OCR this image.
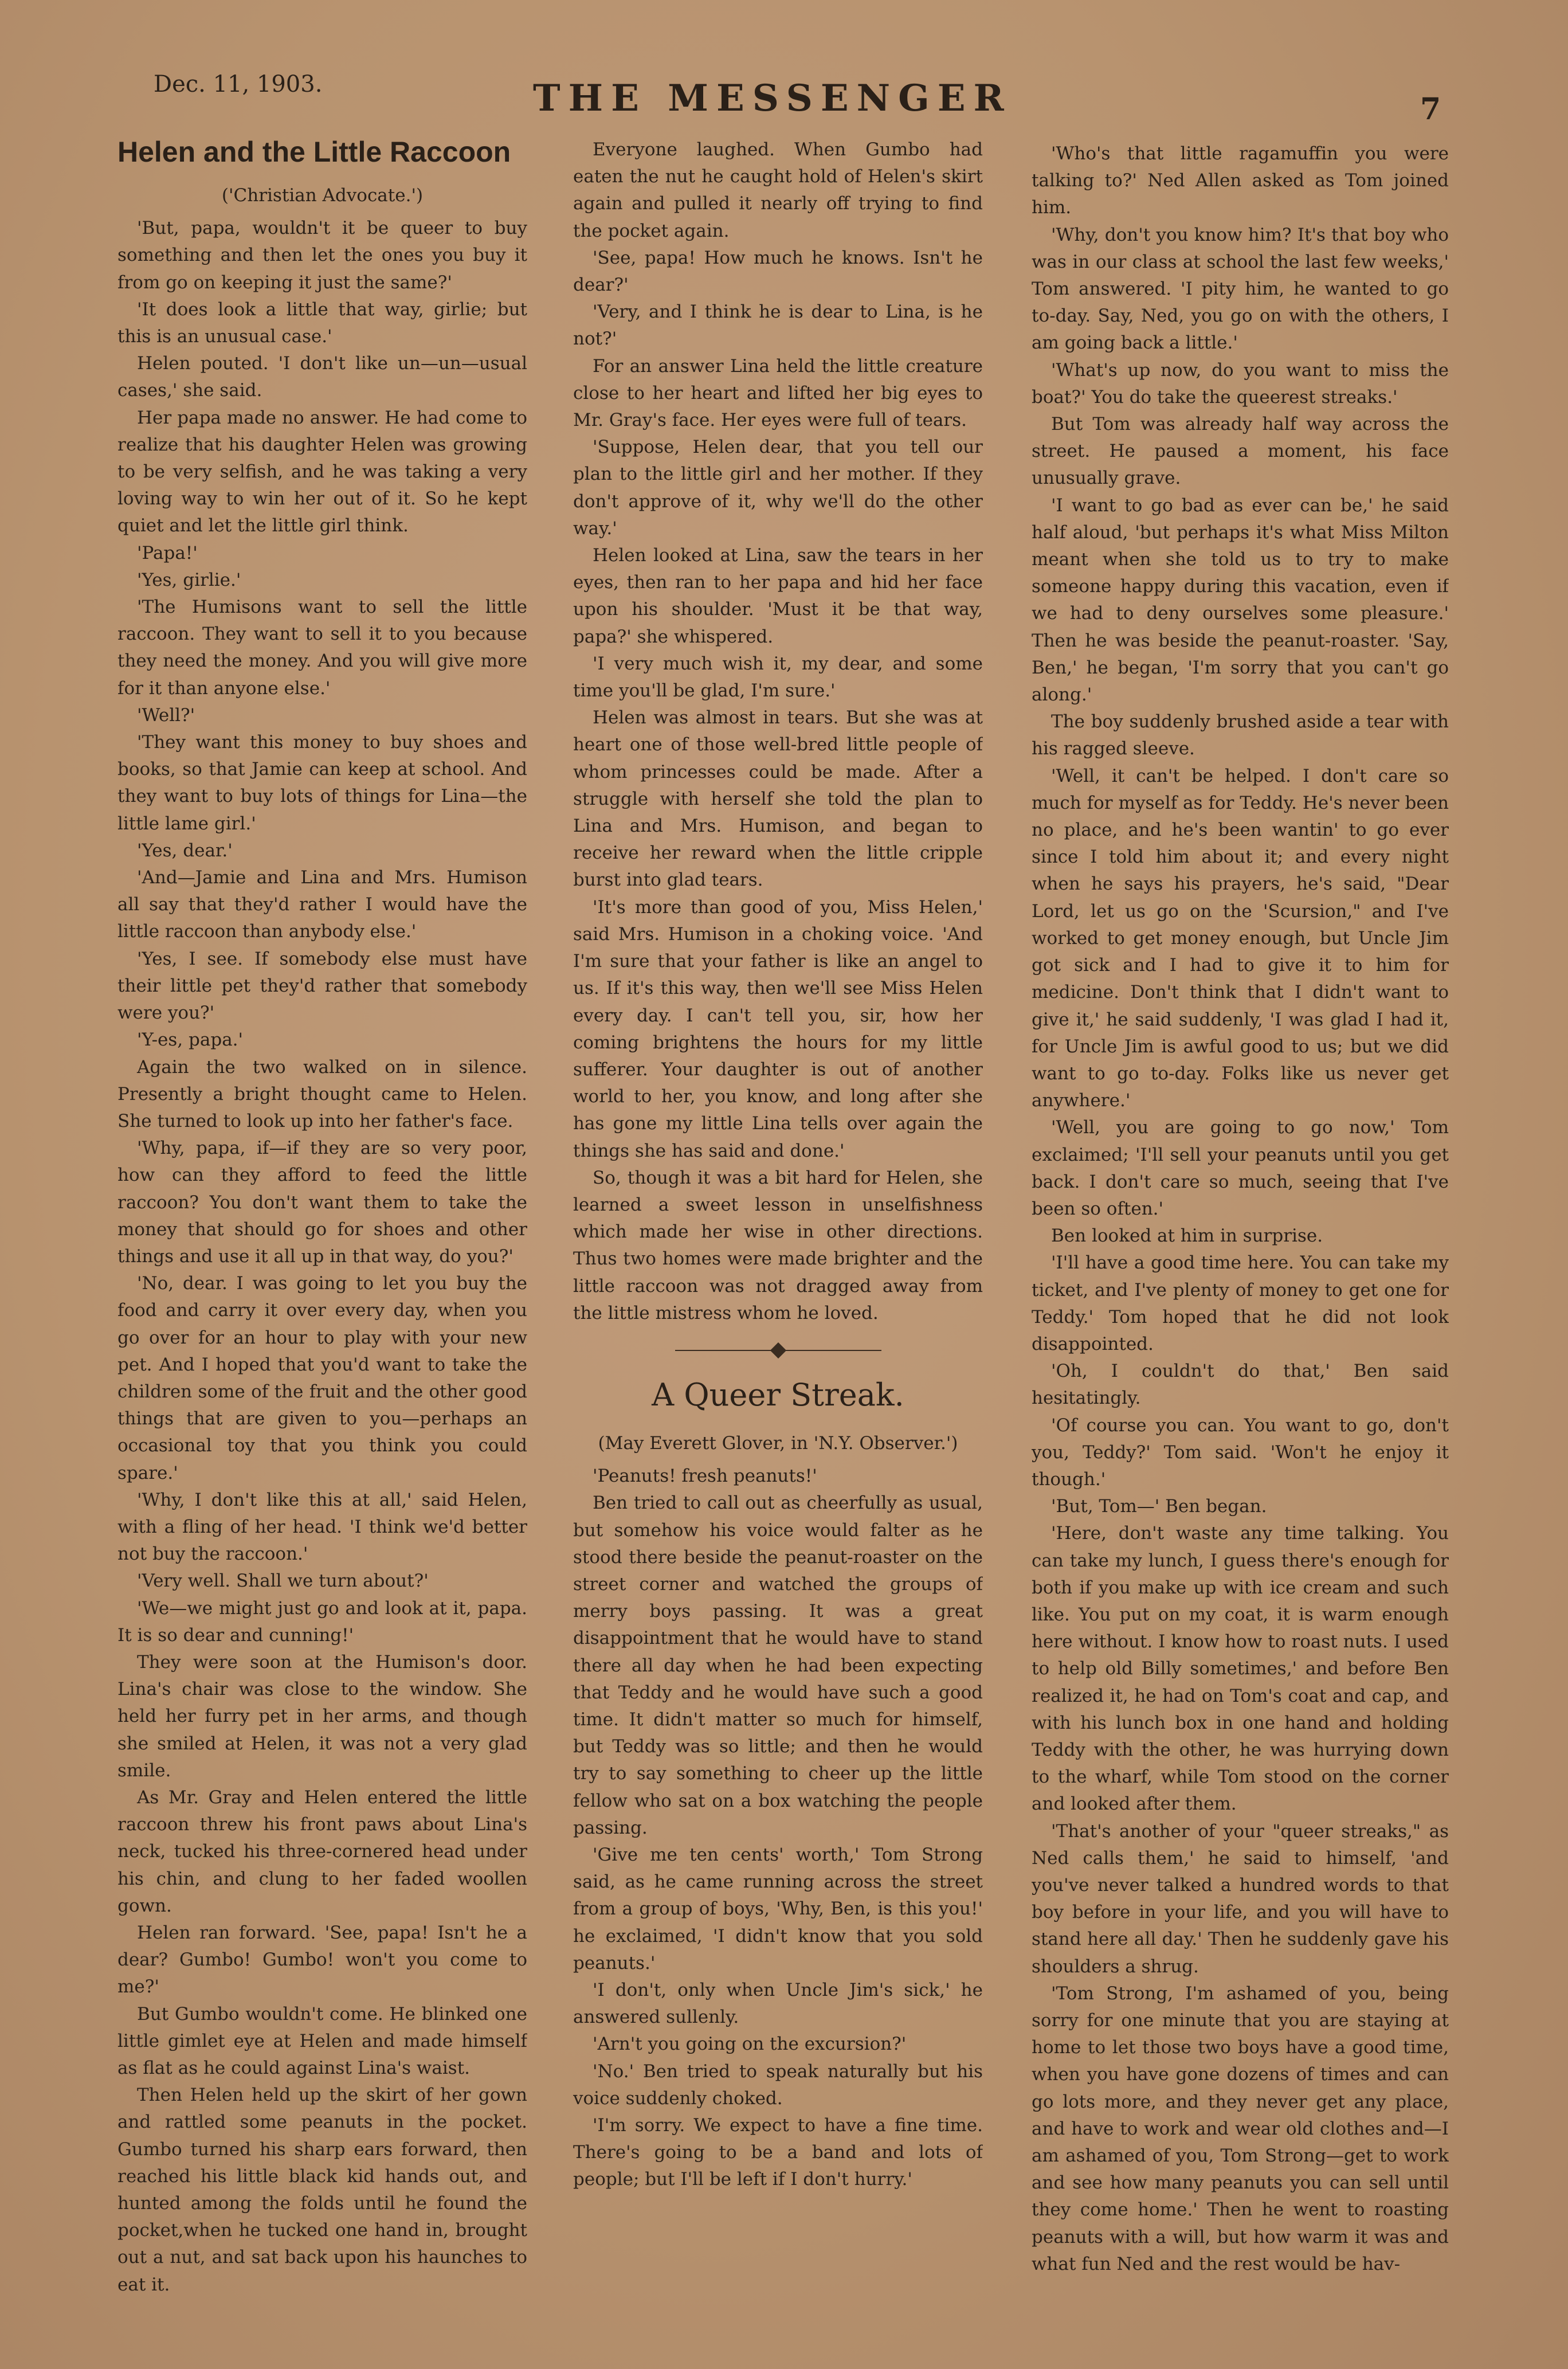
Dec. 11, 1903.	THE MESSENGER	7
Helen and the Little Raccoon

('Christian Advocate.')

'But, papa, wouldn't it be queer to buy something and then let the ones you buy it from go on keeping it just the same?'

'It does look a little that way, girlie; but this is an unusual case.'

Helen pouted. 'I don't like un—un—usual cases,' she said.

Her papa made no answer. He had come to realize that his daughter Helen was growing to be very selfish, and he was taking a very loving way to win her out of it. So he kept quiet and let the little girl think.

'Papa!'

'Yes, girlie.'

'The Humisons want to sell the little raccoon. They want to sell it to you because they need the money. And you will give more for it than anyone else.'

'Well?'

'They want this money to buy shoes and books, so that Jamie can keep at school. And they want to buy lots of things for Lina—the little lame girl.'

'Yes, dear.'

'And—Jamie and Lina and Mrs. Humison all say that they'd rather I would have the little raccoon than anybody else.'

'Yes, I see. If somebody else must have their little pet they'd rather that somebody were you?'

'Y-es, papa.'

Again the two walked on in silence. Presently a bright thought came to Helen. She turned to look up into her father's face.

'Why, papa, if—if they are so very poor, how can they afford to feed the little raccoon? You don't want them to take the money that should go for shoes and other things and use it all up in that way, do you?'

'No, dear. I was going to let you buy the food and carry it over every day, when you go over for an hour to play with your new pet. And I hoped that you'd want to take the children some of the fruit and the other good things that are given to you—perhaps an occasional toy that you think you could spare.'

'Why, I don't like this at all,' said Helen, with a fling of her head. 'I think we'd better not buy the raccoon.'

'Very well. Shall we turn about?'

'We—we might just go and look at it, papa. It is so dear and cunning!'

They were soon at the Humison's door. Lina's chair was close to the window. She held her furry pet in her arms, and though she smiled at Helen, it was not a very glad smile.

As Mr. Gray and Helen entered the little raccoon threw his front paws about Lina's neck, tucked his three-cornered head under his chin, and clung to her faded woollen gown.

Helen ran forward. 'See, papa! Isn't he a dear? Gumbo! Gumbo! won't you come to me?'

But Gumbo wouldn't come. He blinked one little gimlet eye at Helen and made himself as flat as he could against Lina's waist.

Then Helen held up the skirt of her gown and rattled some peanuts in the pocket. Gumbo turned his sharp ears forward, then reached his little black kid hands out, and hunted among the folds until he found the pocket,when he tucked one hand in, brought out a nut, and sat back upon his haunches to eat it.

Everyone laughed. When Gumbo had eaten the nut he caught hold of Helen's skirt again and pulled it nearly off trying to find the pocket again.

'See, papa! How much he knows. Isn't he dear?'

'Very, and I think he is dear to Lina, is he not?'

For an answer Lina held the little creature close to her heart and lifted her big eyes to Mr. Gray's face. Her eyes were full of tears.

'Suppose, Helen dear, that you tell our plan to the little girl and her mother. If they don't approve of it, why we'll do the other way.'

Helen looked at Lina, saw the tears in her eyes, then ran to her papa and hid her face upon his shoulder. 'Must it be that way, papa?' she whispered.

'I very much wish it, my dear, and some time you'll be glad, I'm sure.'

Helen was almost in tears. But she was at heart one of those well-bred little people of whom princesses could be made. After a struggle with herself she told the plan to Lina and Mrs. Humison, and began to receive her reward when the little cripple burst into glad tears.

'It's more than good of you, Miss Helen,' said Mrs. Humison in a choking voice. 'And I'm sure that your father is like an angel to us. If it's this way, then we'll see Miss Helen every day. I can't tell you, sir, how her coming brightens the hours for my little sufferer. Your daughter is out of another world to her, you know, and long after she has gone my little Lina tells over again the things she has said and done.'

So, though it was a bit hard for Helen, she learned a sweet lesson in unselfishness which made her wise in other directions. Thus two homes were made brighter and the little raccoon was not dragged away from the little mistress whom he loved.

A Queer Streak.

(May Everett Glover, in 'N.Y. Observer.')

'Peanuts! fresh peanuts!'

Ben tried to call out as cheerfully as usual, but somehow his voice would falter as he stood there beside the peanut-roaster on the street corner and watched the groups of merry boys passing. It was a great disappointment that he would have to stand there all day when he had been expecting that Teddy and he would have such a good time. It didn't matter so much for himself, but Teddy was so little; and then he would try to say something to cheer up the little fellow who sat on a box watching the people passing.

'Give me ten cents' worth,' Tom Strong said, as he came running across the street from a group of boys, 'Why, Ben, is this you!' he exclaimed, 'I didn't know that you sold peanuts.'

'I don't, only when Uncle Jim's sick,' he answered sullenly.

'Arn't you going on the excursion?'

'No.' Ben tried to speak naturally but his voice suddenly choked.

'I'm sorry. We expect to have a fine time. There's going to be a band and lots of people; but I'll be left if I don't hurry.'

'Who's that little ragamuffin you were talking to?' Ned Allen asked as Tom joined him.

'Why, don't you know him? It's that boy who was in our class at school the last few weeks,' Tom answered. 'I pity him, he wanted to go to-day. Say, Ned, you go on with the others, I am going back a little.'

'What's up now, do you want to miss the boat?' You do take the queerest streaks.'

But Tom was already half way across the street. He paused a moment, his face unusually grave.

'I want to go bad as ever can be,' he said half aloud, 'but perhaps it's what Miss Milton meant when she told us to try to make someone happy during this vacation, even if we had to deny ourselves some pleasure.' Then he was beside the peanut-roaster. 'Say, Ben,' he began, 'I'm sorry that you can't go along.'

The boy suddenly brushed aside a tear with his ragged sleeve.

'Well, it can't be helped. I don't care so much for myself as for Teddy. He's never been no place, and he's been wantin' to go ever since I told him about it; and every night when he says his prayers, he's said, "Dear Lord, let us go on the 'Scursion," and I've worked to get money enough, but Uncle Jim got sick and I had to give it to him for medicine. Don't think that I didn't want to give it,' he said suddenly, 'I was glad I had it, for Uncle Jim is awful good to us; but we did want to go to-day. Folks like us never get anywhere.'

'Well, you are going to go now,' Tom exclaimed; 'I'll sell your peanuts until you get back. I don't care so much, seeing that I've been so often.'

Ben looked at him in surprise.

'I'll have a good time here. You can take my ticket, and I've plenty of money to get one for Teddy.' Tom hoped that he did not look disappointed.

'Oh, I couldn't do that,' Ben said hesitatingly.

'Of course you can. You want to go, don't you, Teddy?' Tom said. 'Won't he enjoy it though.'

'But, Tom—' Ben began.

'Here, don't waste any time talking. You can take my lunch, I guess there's enough for both if you make up with ice cream and such like. You put on my coat, it is warm enough here without. I know how to roast nuts. I used to help old Billy sometimes,' and before Ben realized it, he had on Tom's coat and cap, and with his lunch box in one hand and holding Teddy with the other, he was hurrying down to the wharf, while Tom stood on the corner and looked after them.

'That's another of your "queer streaks," as Ned calls them,' he said to himself, 'and you've never talked a hundred words to that boy before in your life, and you will have to stand here all day.' Then he suddenly gave his shoulders a shrug.

'Tom Strong, I'm ashamed of you, being sorry for one minute that you are staying at home to let those two boys have a good time, when you have gone dozens of times and can go lots more, and they never get any place, and have to work and wear old clothes and—I am ashamed of you, Tom Strong—get to work and see how many peanuts you can sell until they come home.' Then he went to roasting peanuts with a will, but how warm it was and what fun Ned and the rest would be hav-
